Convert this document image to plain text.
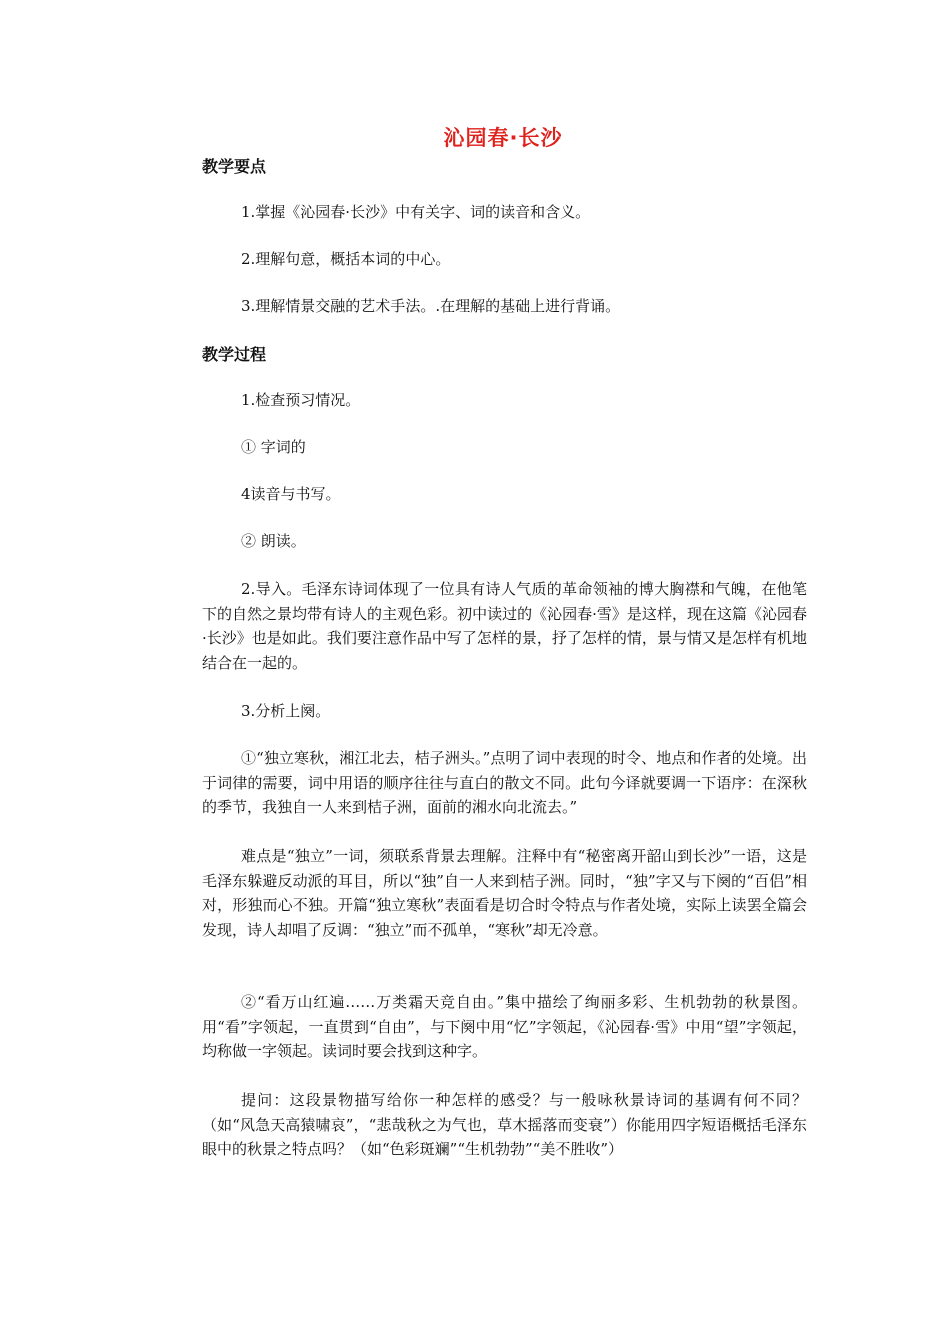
沁园春·长沙
教学要点
1.掌握《沁园春·长沙》中有关字、词的读音和含义。
2.理解句意，概括本词的中心。
3.理解情景交融的艺术手法。.在理解的基础上进行背诵。
教学过程
1.检查预习情况。
① 字词的
4读音与书写。
② 朗读。
2.导入。毛泽东诗词体现了一位具有诗人气质的革命领袖的博大胸襟和气魄，在他笔下的自然之景均带有诗人的主观色彩。初中读过的《沁园春·雪》是这样，现在这篇《沁园春·长沙》也是如此。我们要注意作品中写了怎样的景，抒了怎样的情，景与情又是怎样有机地结合在一起的。
3.分析上阕。
①“独立寒秋，湘江北去，桔子洲头。”点明了词中表现的时令、地点和作者的处境。出于词律的需要，词中用语的顺序往往与直白的散文不同。此句今译就要调一下语序：在深秋的季节，我独自一人来到桔子洲，面前的湘水向北流去。”
难点是“独立”一词，须联系背景去理解。注释中有“秘密离开韶山到长沙”一语，这是毛泽东躲避反动派的耳目，所以“独”自一人来到桔子洲。同时，“独”字又与下阕的“百侣”相对，形独而心不独。开篇“独立寒秋”表面看是切合时令特点与作者处境，实际上读罢全篇会发现，诗人却唱了反调：“独立”而不孤单，“寒秋”却无冷意。
②“看万山红遍……万类霜天竞自由。”集中描绘了绚丽多彩、生机勃勃的秋景图。用“看”字领起，一直贯到“自由”，与下阕中用“忆”字领起，《沁园春·雪》中用“望”字领起，均称做一字领起。读词时要会找到这种字。
提问：这段景物描写给你一种怎样的感受？与一般咏秋景诗词的基调有何不同？（如“风急天高猿啸哀”，“悲哉秋之为气也，草木摇落而变衰”）你能用四字短语概括毛泽东眼中的秋景之特点吗？（如“色彩斑斓”“生机勃勃”“美不胜收”）
